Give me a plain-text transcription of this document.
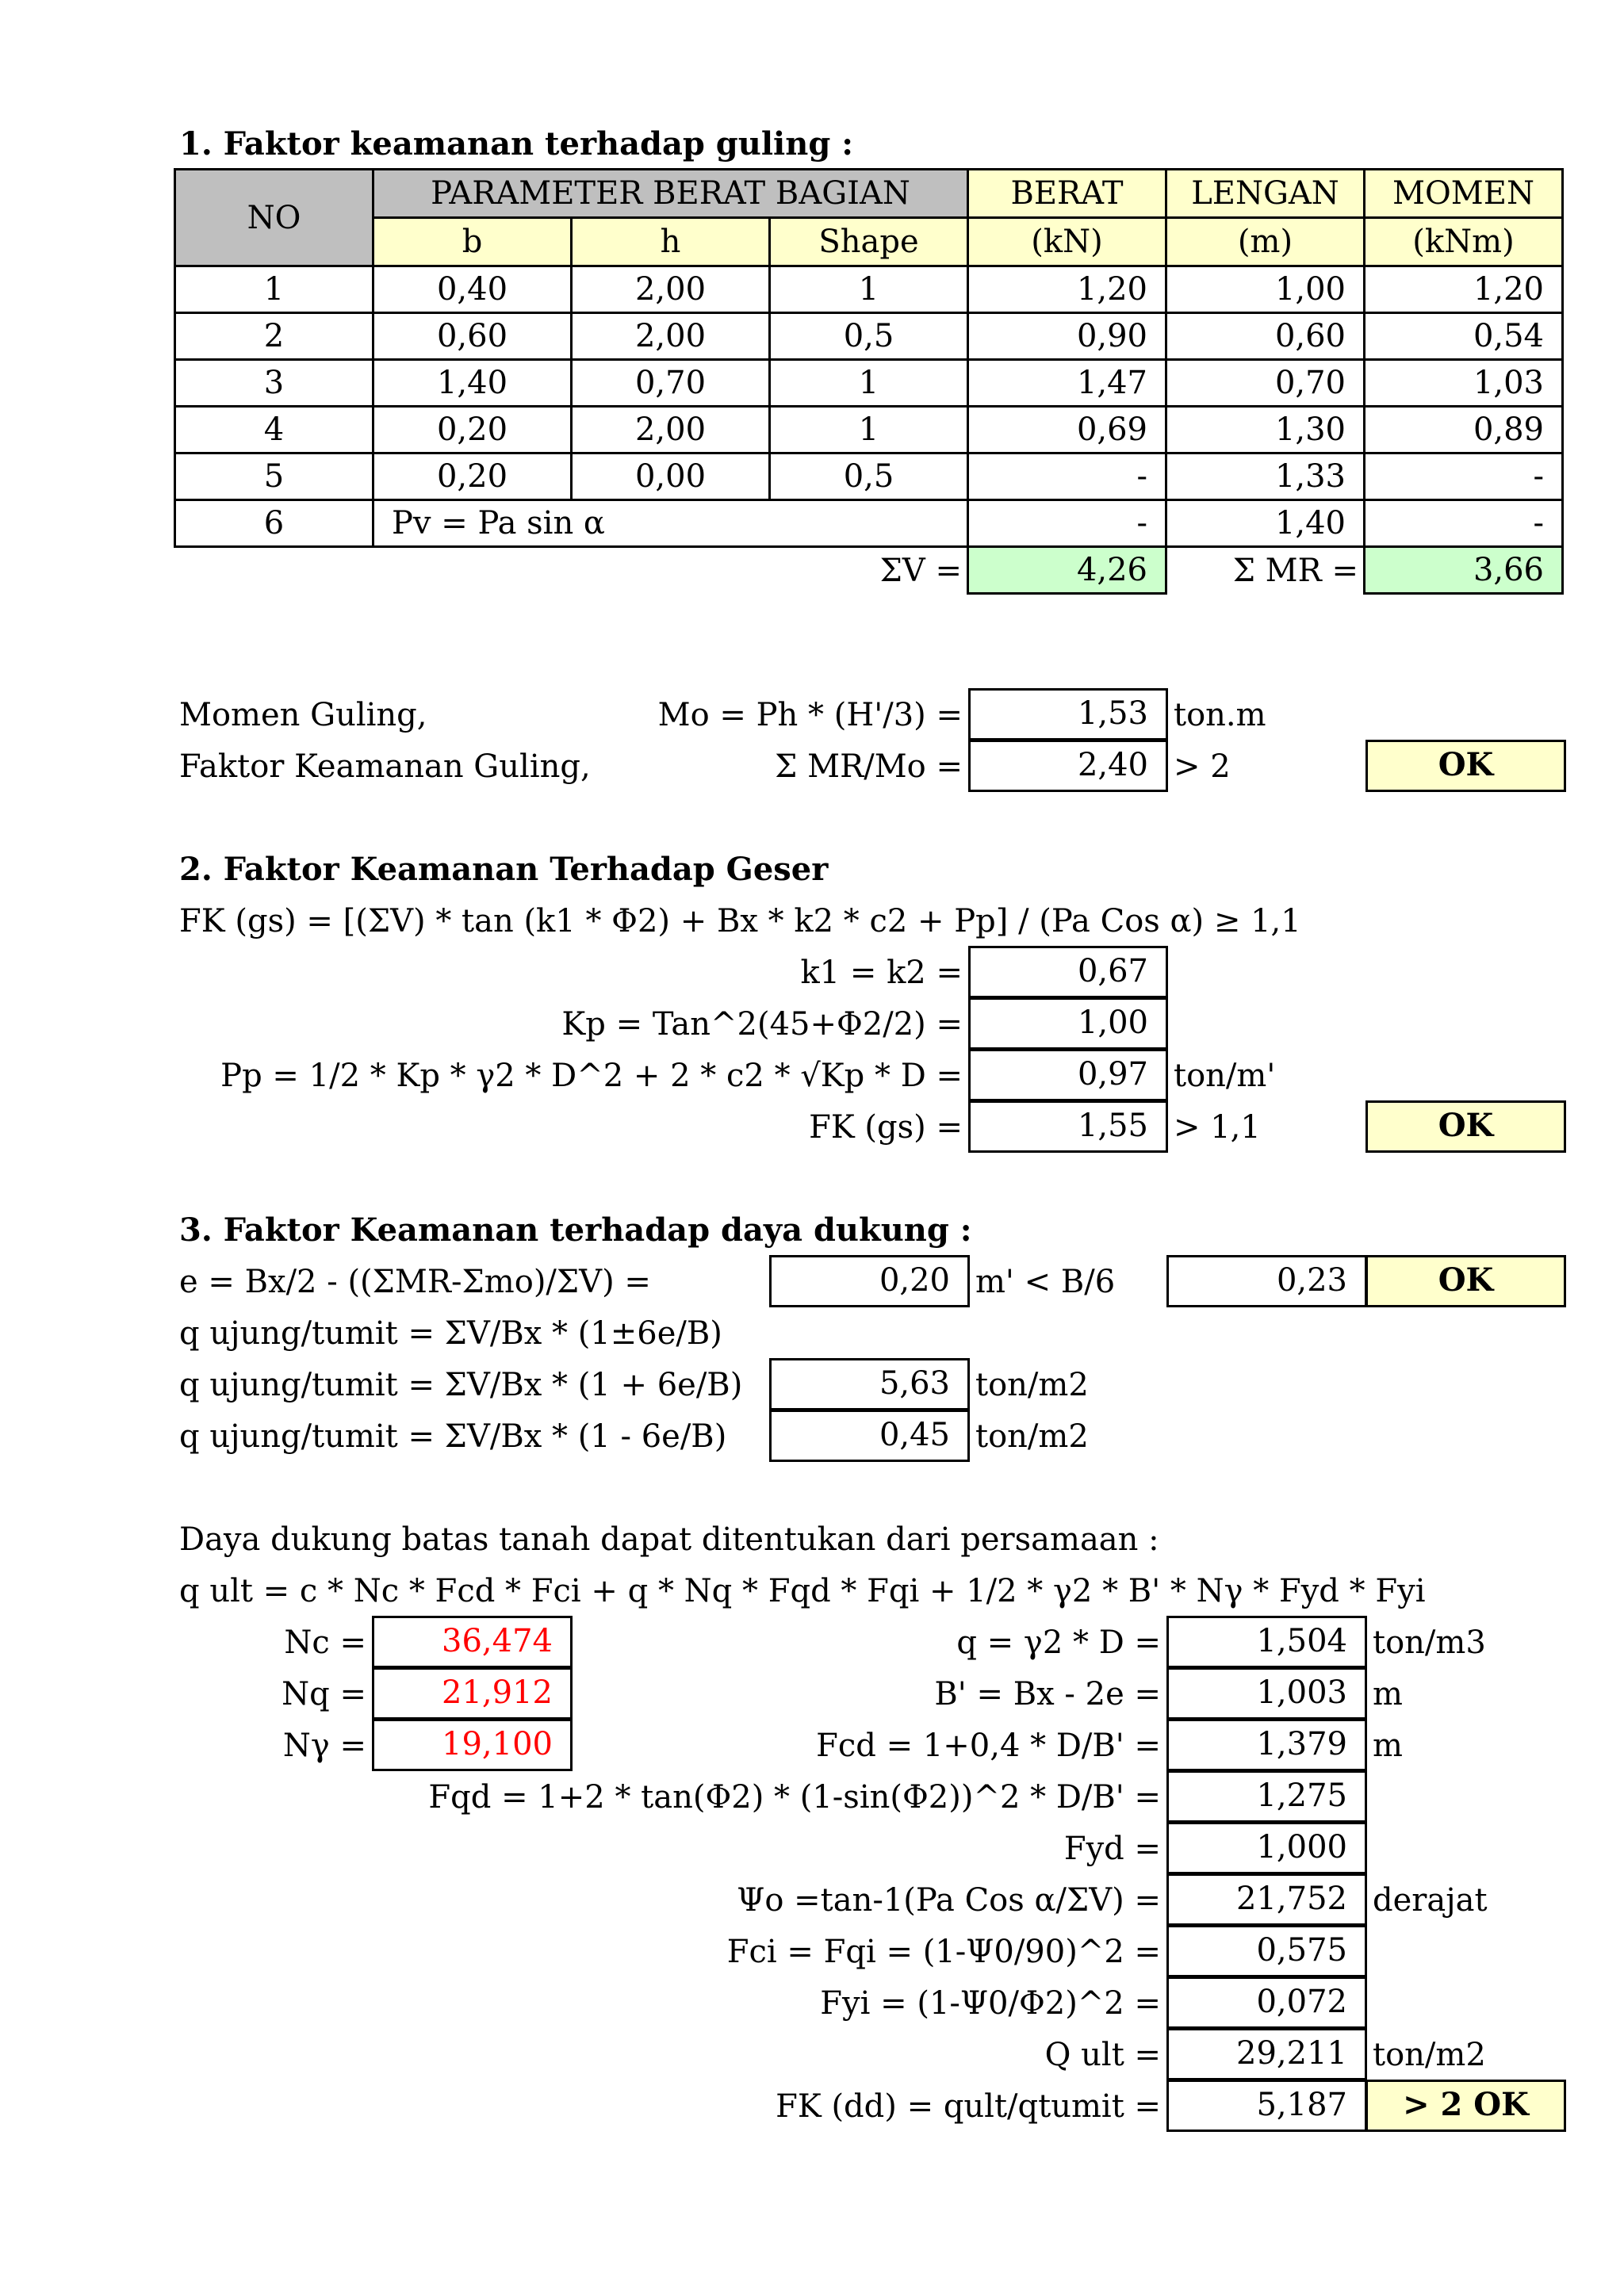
1. Faktor keamanan terhadap guling :
NO	PARAMETER BERAT BAGIAN			BERAT	LENGAN	MOMEN
	b	h	Shape	(kN)	(m)	(kNm)
1	0,40	2,00	1	1,20	1,00	1,20
2	0,60	2,00	0,5	0,90	0,60	0,54
3	1,40	0,70	1	1,47	0,70	1,03
4	0,20	2,00	1	0,69	1,30	0,89
5	0,20	0,00	0,5	-	1,33	-
6	Pv = Pa sin α			-	1,40	-
			ΣV =	4,26	Σ MR =	3,66
Momen Guling,	Mo = Ph * (H'/3) =	1,53 ton.m
Faktor Keamanan Guling,	Σ MR/Mo =	2,40 > 2	OK
2. Faktor Keamanan Terhadap Geser
FK (gs) = [(ΣV) * tan (k1 * Φ2) + Bx * k2 * c2 + Pp] / (Pa Cos α) ≥ 1,1
k1 = k2 =	0,67
Kp = Tan^2(45+Φ2/2) =	1,00
Pp = 1/2 * Kp * γ2 * D^2 + 2 * c2 * √Kp * D =	0,97 ton/m'
FK (gs) =	1,55 > 1,1	OK
3. Faktor Keamanan terhadap daya dukung :
e = Bx/2 - ((ΣMR-Σmo)/ΣV) =	0,20 m' < B/6	0,23	OK
q ujung/tumit = ΣV/Bx * (1±6e/B)
q ujung/tumit = ΣV/Bx * (1 + 6e/B)	5,63 ton/m2
q ujung/tumit = ΣV/Bx * (1 - 6e/B)	0,45 ton/m2
Daya dukung batas tanah dapat ditentukan dari persamaan :
q ult = c * Nc * Fcd * Fci + q * Nq * Fqd * Fqi + 1/2 * γ2 * B' * Nγ * Fyd * Fyi
Nc =	36,474
Nq =	21,912
Nγ =	19,100
q = γ2 * D =	1,504 ton/m3
B' = Bx - 2e =	1,003 m
Fcd = 1+0,4 * D/B' =	1,379 m
Fqd = 1+2 * tan(Φ2) * (1-sin(Φ2))^2 * D/B' =	1,275
Fyd =	1,000
Ψo =tan-1(Pa Cos α/ΣV) =	21,752 derajat
Fci = Fqi = (1-Ψ0/90)^2 =	0,575
Fyi = (1-Ψ0/Φ2)^2 =	0,072
Q ult =	29,211 ton/m2
FK (dd) = qult/qtumit =	5,187	> 2 OK
